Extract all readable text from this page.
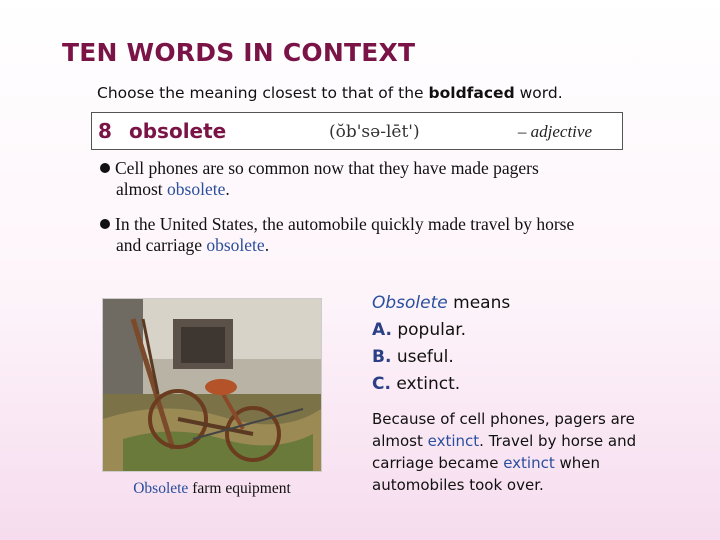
TEN WORDS IN CONTEXT
Choose the meaning closest to that of the boldfaced word.
8 obsolete	(ŏb'sə-lēt')	– adjective
Cell phones are so common now that they have made pagers
almost obsolete.
In the United States, the automobile quickly made travel by horse
and carriage obsolete.
Obsolete farm equipment
Obsolete means
A. popular.
B. useful.
C. extinct.
Because of cell phones, pagers are almost extinct. Travel by horse and carriage became extinct when automobiles took over.
